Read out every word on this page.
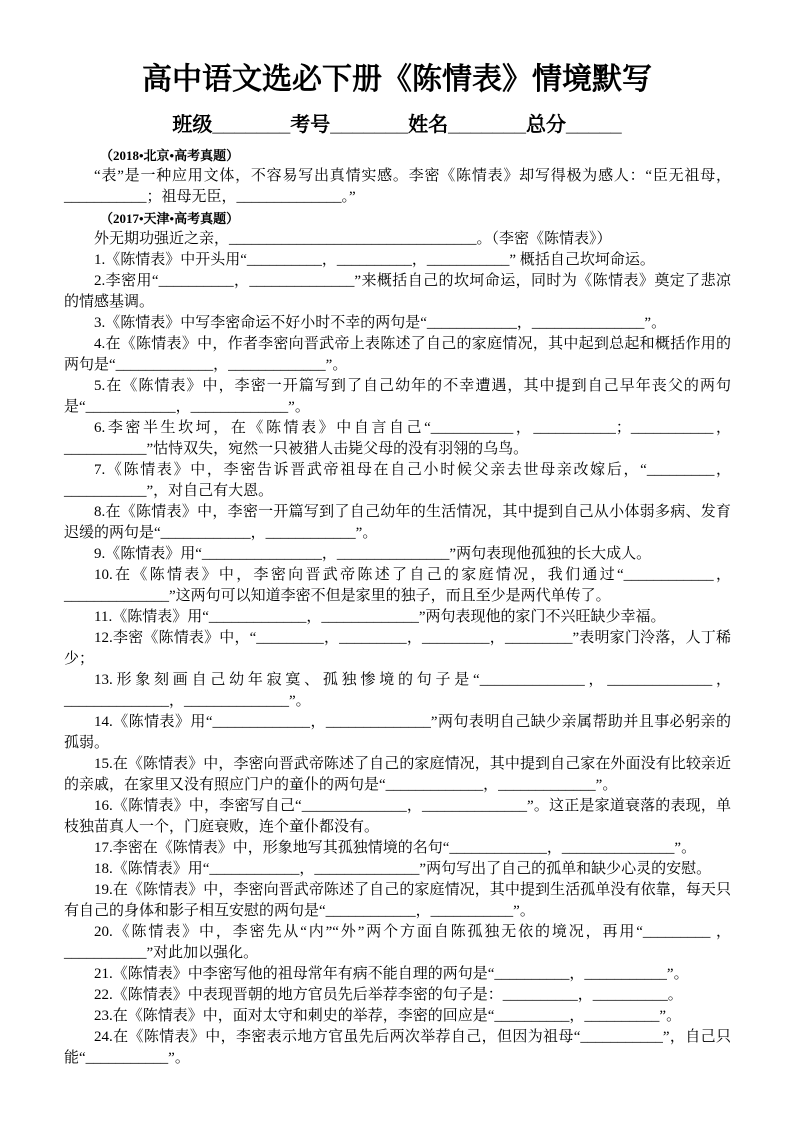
高中语文选必下册《陈情表》情境默写
班级_______考号_______姓名_______总分_____

（2018•北京•高考真题）

“表”是一种应用文体，不容易写出真情实感。李密《陈情表》却写得极为感人：“臣无祖母，___________；祖母无臣，______________。”

（2017•天津•高考真题）

外无期功强近之亲，_________________________________。（李密《陈情表》）

1.《陈情表》中开头用“__________，__________，___________” 概括自己坎坷命运。

2.李密用“__________，______________”来概括自己的坎坷命运，同时为《陈情表》奠定了悲凉的情感基调。

3.《陈情表》中写李密命运不好小时不幸的两句是“____________，_______________”。

4.在《陈情表》中，作者李密向晋武帝上表陈述了自己的家庭情况，其中起到总起和概括作用的两句是“_____________，_____________”。

5.在《陈情表》中，李密一开篇写到了自己幼年的不幸遭遇，其中提到自己早年丧父的两句是“____________，_____________”。

6.李密半生坎坷，在《陈情表》中自言自己“___________，___________；___________，___________”怙恃双失，宛然一只被猎人击毙父母的没有羽翎的乌鸟。

7.《陈情表》中，李密告诉晋武帝祖母在自己小时候父亲去世母亲改嫁后，“_________，___________”，对自己有大恩。

8.在《陈情表》中，李密一开篇写到了自己幼年的生活情况，其中提到自己从小体弱多病、发育迟缓的两句是“____________，____________”。

9.《陈情表》用“________________，_______________”两句表现他孤独的长大成人。

10.在《陈情表》中，李密向晋武帝陈述了自己的家庭情况，我们通过“____________，______________”这两句可以知道李密不但是家里的独子，而且至少是两代单传了。

11.《陈情表》用“_____________，_____________”两句表现他的家门不兴旺缺少幸福。

12.李密《陈情表》中，“_________，_________，_________，_________”表明家门泠落，人丁稀少；

13.形象刻画自己幼年寂寞、孤独惨境的句子是“______________，______________，______________，______________”。

14.《陈情表》用“_____________，______________”两句表明自己缺少亲属帮助并且事必躬亲的孤弱。

15.在《陈情表》中，李密向晋武帝陈述了自己的家庭情况，其中提到自己家在外面没有比较亲近的亲戚，在家里又没有照应门户的童仆的两句是“_____________，_____________”。

16.《陈情表》中，李密写自己“______________，______________”。这正是家道衰落的表现，单枝独苗真人一个，门庭衰败，连个童仆都没有。

17.李密在《陈情表》中，形象地写其孤独情境的名句“_____________，_______________”。

18.《陈情表》用“____________，______________”两句写出了自己的孤单和缺少心灵的安慰。

19.在《陈情表》中，李密向晋武帝陈述了自己的家庭情况，其中提到生活孤单没有依靠，每天只有自己的身体和影子相互安慰的两句是“____________，___________”。

20.《陈情表》中，李密先从“内”“外”两个方面自陈孤独无依的境况，再用“_________ ，___________”对此加以强化。

21.《陈情表》中李密写他的祖母常年有病不能自理的两句是“__________，___________”。

22.《陈情表》中表现晋朝的地方官员先后举荐李密的句子是：__________，__________。

23.在《陈情表》中，面对太守和刺史的举荐，李密的回应是“__________，__________”。

24.在《陈情表》中，李密表示地方官虽先后两次举荐自己，但因为祖母“___________”，自己只能“___________”。
